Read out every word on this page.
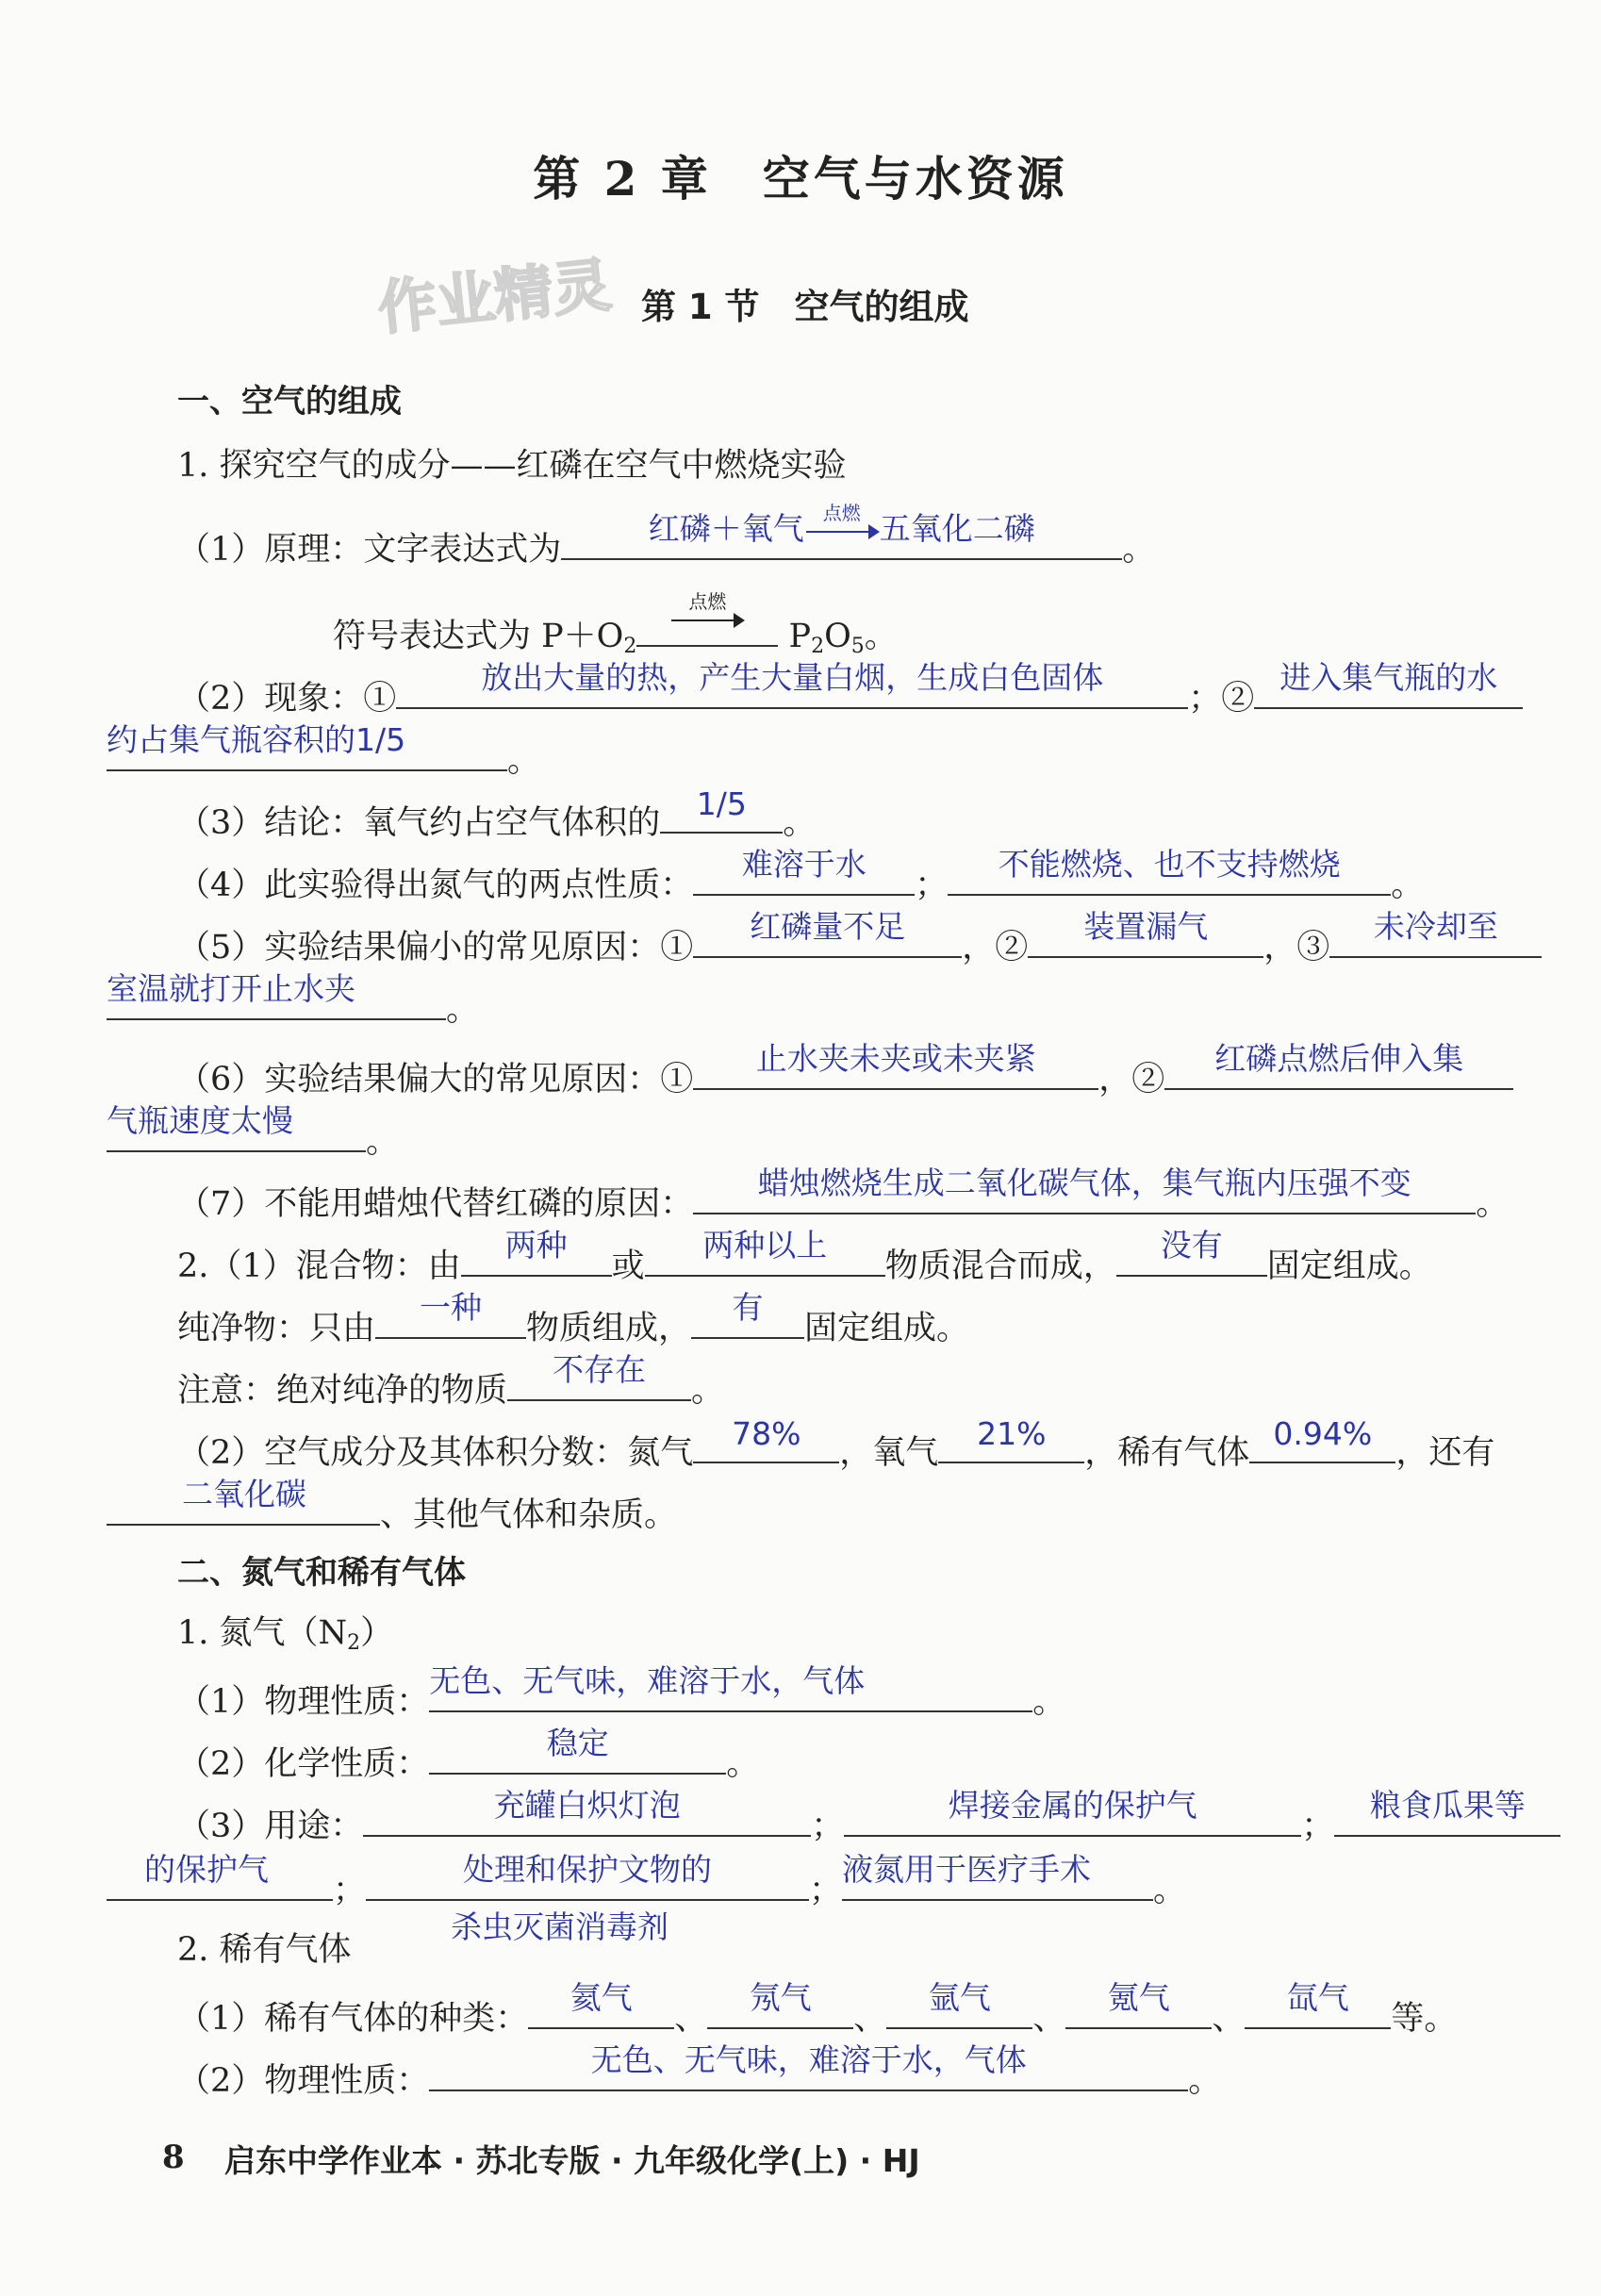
第 2 章　空气与水资源
作业精灵 第 1 节　空气的组成
一、空气的组成
1. 探究空气的成分——红磷在空气中燃烧实验
（1）原理：文字表达式为
红磷＋氧气	点燃 五氧化二磷
。
符号表达式为 $P+O_2$
点燃
$P_2O_5$。
（2）现象：①
放出大量的热，产生大量白烟，生成白色固体
；②
进入集气瓶的水
约占集气瓶容积的1/5
。
（3）结论：氧气约占空气体积的
1/5
。
（4）此实验得出氮气的两点性质：
难溶于水
；
不能燃烧、也不支持燃烧
。
（5）实验结果偏小的常见原因：①
红磷量不足
，②
装置漏气
，③
未冷却至
室温就打开止水夹
。
（6）实验结果偏大的常见原因：①
止水夹未夹或未夹紧
，②
红磷点燃后伸入集
气瓶速度太慢
。
（7）不能用蜡烛代替红磷的原因：
蜡烛燃烧生成二氧化碳气体，集气瓶内压强不变
。
2.（1）混合物：由
两种
或
两种以上
物质混合而成，
没有
固定组成。
纯净物：只由
一种
物质组成，
有
固定组成。
注意：绝对纯净的物质
不存在
。
（2）空气成分及其体积分数：氮气
78%
，氧气
21%
，稀有气体
0.94%
，还有
二氧化碳
、其他气体和杂质。
二、氮气和稀有气体
1. 氮气$(N_2)$
（1）物理性质：
无色、无气味，难溶于水，气体
。
（2）化学性质：
稳定
。
（3）用途：
充罐白炽灯泡
；
焊接金属的保护气
；
粮食瓜果等
的保护气
；
处理和保护文物的
；
液氮用于医疗手术
。
杀虫灭菌消毒剂
2. 稀有气体
（1）稀有气体的种类：
氦气
、
氖气
、
氩气
、
氪气
、
氙气
等。
（2）物理性质：
无色、无气味，难溶于水，气体
。
8 启东中学作业本 · 苏北专版 · 九年级化学(上) · HJ
